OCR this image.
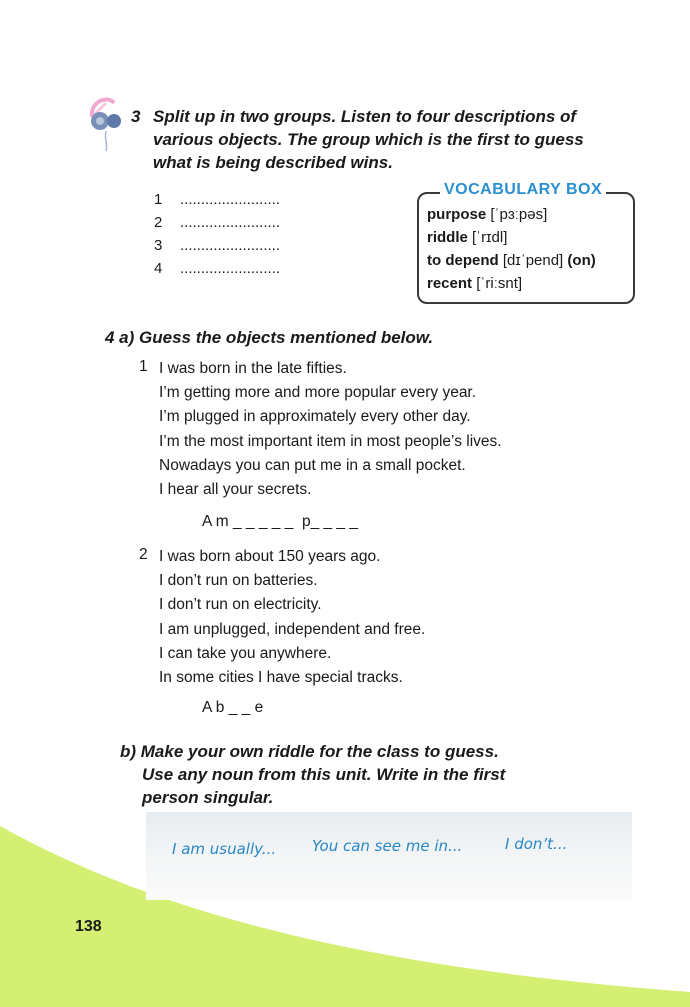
3 Split up in two groups. Listen to four descriptions of
various objects. The group which is the first to guess
what is being described wins.
1 ........................
2 ........................
3 ........................
4 ........................
VOCABULARY BOX
purpose [ˈpɜːpəs]
riddle [ˈrɪdl]
to depend [dɪˈpend] (on)
recent [ˈriːsnt]
4 a) Guess the objects mentioned below.
1 I was born in the late fifties.
I’m getting more and more popular every year.
I’m plugged in approximately every other day.
I’m the most important item in most people’s lives.
Nowadays you can put me in a small pocket.
I hear all your secrets.
A m _ _ _ _ _  p_ _ _ _
2 I was born about 150 years ago.
I don’t run on batteries.
I don’t run on electricity.
I am unplugged, independent and free.
I can take you anywhere.
In some cities I have special tracks.
A b _ _ e
b) Make your own riddle for the class to guess.
Use any noun from this unit. Write in the first
person singular.
I am usually... You can see me in...	I don’t...
138
